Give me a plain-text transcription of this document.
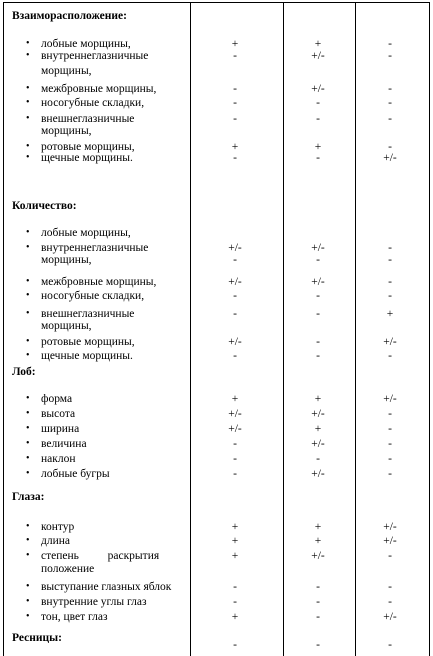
Взаиморасположение:
• лобные морщины,	+	+	-
• внутреннеглазничные	-	+/-	-
морщины,
• межбровные морщины,	-	+/-	-
• носогубные складки,	-	-	-
• внешнеглазничные	-	-	-
морщины,
• ротовые морщины,	+	+	-
• щечные морщины.	-	-	+/-
Количество:
• лобные морщины,
• внутреннеглазничные	+/-	+/-	-
морщины,	-	-	-
• межбровные морщины,	+/-	+/-	-
• носогубные складки,	-	-	-
• внешнеглазничные	-	-	+
морщины,
• ротовые морщины,	+/-	-	+/-
• щечные морщины.	-	-	-
Лоб:
• форма	+	+	+/-
• высота	+/-	+/-	-
• ширина	+/-	+	-
• величина	-	+/-	-
• наклон	-	-	-
• лобные бугры	-	+/-	-
Глаза:
• контур	+	+	+/-
• длина	+	+	+/-
• степень          раскрытия	+	+/-	-
положение
• выступание глазных яблок	-	-	-
• внутренние углы глаз	-	-	-
• тон, цвет глаз	+	-	+/-
Ресницы:
-	-	-
